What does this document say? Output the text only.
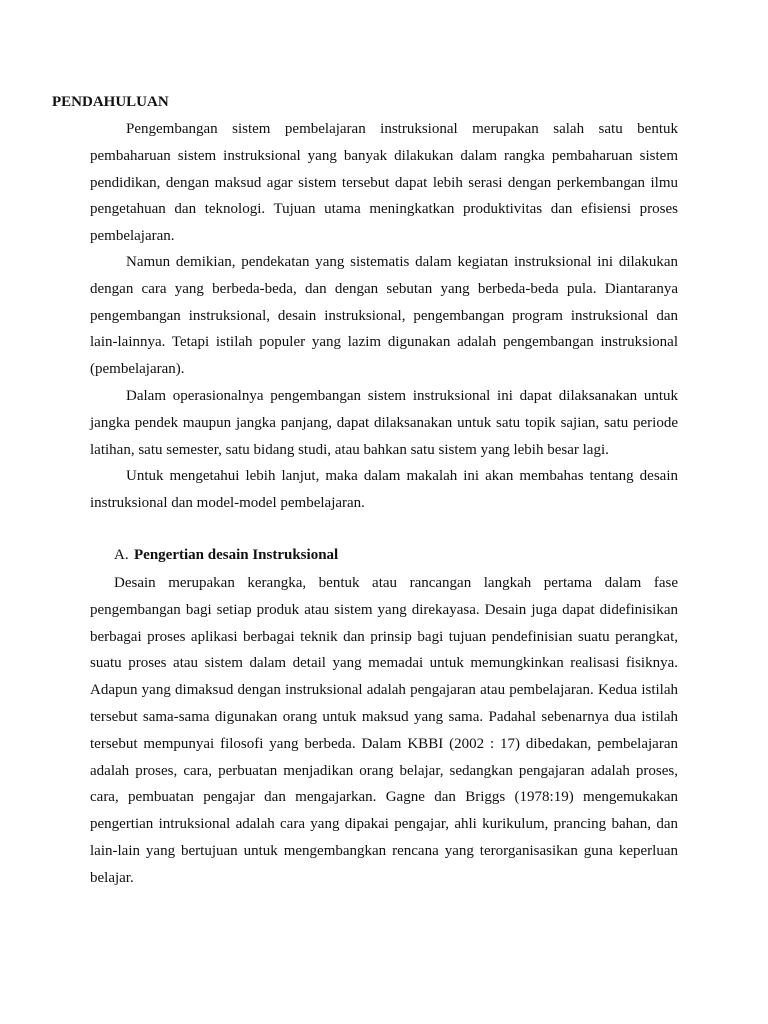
PENDAHULUAN

Pengembangan sistem pembelajaran instruksional merupakan salah satu bentuk pembaharuan sistem instruksional yang banyak dilakukan dalam rangka pembaharuan sistem pendidikan, dengan maksud agar sistem tersebut dapat lebih serasi dengan perkembangan ilmu pengetahuan dan teknologi. Tujuan utama meningkatkan produktivitas dan efisiensi proses pembelajaran.

Namun demikian, pendekatan yang sistematis dalam kegiatan instruksional ini dilakukan dengan cara yang berbeda-beda, dan dengan sebutan yang berbeda-beda pula. Diantaranya pengembangan instruksional, desain instruksional, pengembangan program instruksional dan lain-lainnya. Tetapi istilah populer yang lazim digunakan adalah pengembangan instruksional (pembelajaran).

Dalam operasionalnya pengembangan sistem instruksional ini dapat dilaksanakan untuk jangka pendek maupun jangka panjang, dapat dilaksanakan untuk satu topik sajian, satu periode latihan, satu semester, satu bidang studi, atau bahkan satu sistem yang lebih besar lagi.

Untuk mengetahui lebih lanjut, maka dalam makalah ini akan membahas tentang desain instruksional dan model-model pembelajaran.

A. Pengertian desain Instruksional

Desain merupakan kerangka, bentuk atau rancangan langkah pertama dalam fase pengembangan bagi setiap produk atau sistem yang direkayasa. Desain juga dapat didefinisikan berbagai proses aplikasi berbagai teknik dan prinsip bagi tujuan pendefinisian suatu perangkat, suatu proses atau sistem dalam detail yang memadai untuk memungkinkan realisasi fisiknya. Adapun yang dimaksud dengan instruksional adalah pengajaran atau pembelajaran. Kedua istilah tersebut sama-sama digunakan orang untuk maksud yang sama. Padahal sebenarnya dua istilah tersebut mempunyai filosofi yang berbeda. Dalam KBBI (2002 : 17) dibedakan, pembelajaran adalah proses, cara, perbuatan menjadikan orang belajar, sedangkan pengajaran adalah proses, cara, pembuatan pengajar dan mengajarkan. Gagne dan Briggs (1978:19) mengemukakan pengertian intruksional adalah cara yang dipakai pengajar, ahli kurikulum, prancing bahan, dan lain-lain yang bertujuan untuk mengembangkan rencana yang terorganisasikan guna keperluan belajar.
